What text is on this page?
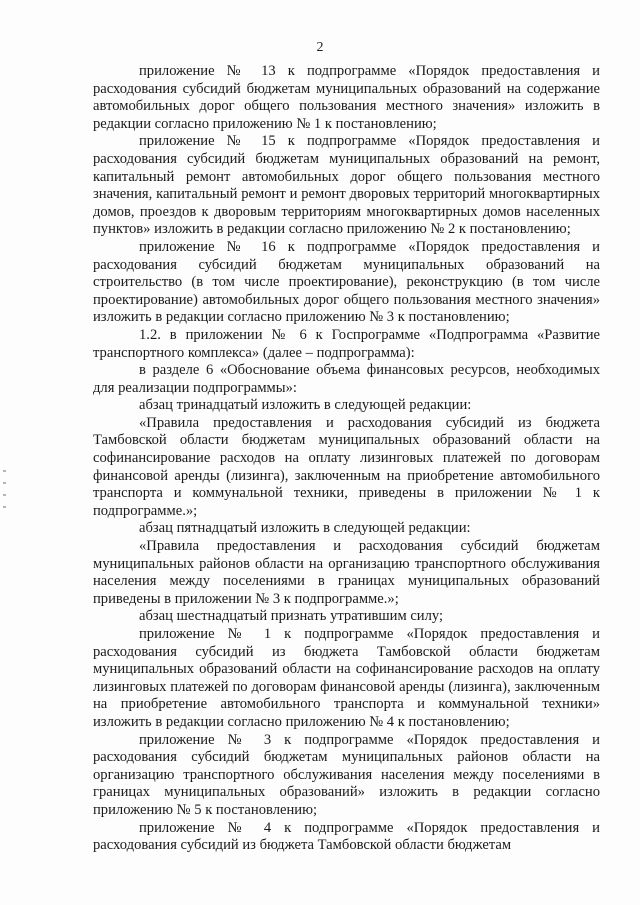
2

приложение № 13 к подпрограмме «Порядок предоставления и расходования субсидий бюджетам муниципальных образований на содержание автомобильных дорог общего пользования местного значения» изложить в редакции согласно приложению № 1 к постановлению;

приложение № 15 к подпрограмме «Порядок предоставления и расходования субсидий бюджетам муниципальных образований на ремонт, капитальный ремонт автомобильных дорог общего пользования местного значения, капитальный ремонт и ремонт дворовых территорий многоквартирных домов, проездов к дворовым территориям многоквартирных домов населенных пунктов» изложить в редакции согласно приложению № 2 к постановлению;

приложение № 16 к подпрограмме «Порядок предоставления и расходования субсидий бюджетам муниципальных образований на строительство (в том числе проектирование), реконструкцию (в том числе проектирование) автомобильных дорог общего пользования местного значения» изложить в редакции согласно приложению № 3 к постановлению;

1.2. в приложении № 6 к Госпрограмме «Подпрограмма «Развитие транспортного комплекса» (далее – подпрограмма):

в разделе 6 «Обоснование объема финансовых ресурсов, необходимых для реализации подпрограммы»:

абзац тринадцатый изложить в следующей редакции:

«Правила предоставления и расходования субсидий из бюджета Тамбовской области бюджетам муниципальных образований области на софинансирование расходов на оплату лизинговых платежей по договорам финансовой аренды (лизинга), заключенным на приобретение автомобильного транспорта и коммунальной техники, приведены в приложении № 1 к подпрограмме.»;

абзац пятнадцатый изложить в следующей редакции:

«Правила предоставления и расходования субсидий бюджетам муниципальных районов области на организацию транспортного обслуживания населения между поселениями в границах муниципальных образований приведены в приложении № 3 к подпрограмме.»;

абзац шестнадцатый признать утратившим силу;

приложение № 1 к подпрограмме «Порядок предоставления и расходования субсидий из бюджета Тамбовской области бюджетам муниципальных образований области на софинансирование расходов на оплату лизинговых платежей по договорам финансовой аренды (лизинга), заключенным на приобретение автомобильного транспорта и коммунальной техники» изложить в редакции согласно приложению № 4 к постановлению;

приложение № 3 к подпрограмме «Порядок предоставления и расходования субсидий бюджетам муниципальных районов области на организацию транспортного обслуживания населения между поселениями в границах муниципальных образований» изложить в редакции согласно приложению № 5 к постановлению;

приложение № 4 к подпрограмме «Порядок предоставления и расходования субсидий из бюджета Тамбовской области бюджетам
